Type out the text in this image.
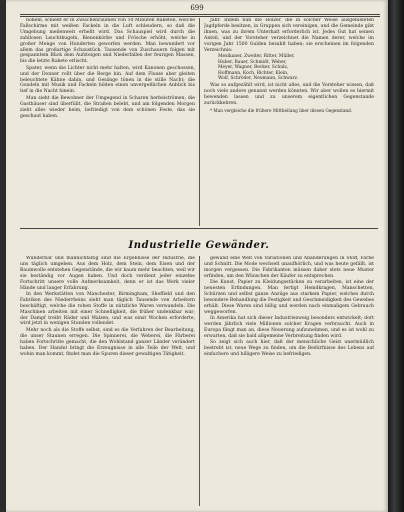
699

hohem, schießt er in Zwischenräumen von 10 Minuten Raketen, welche Fallschirme mit weißen Fackeln in die Luft schleudern, so daß die Umgebung meilenweit erhellt wird. Das Schauspiel wird durch die zahllosen Leuchtkugeln, Bienenkörbe und Frösche erhöht, welche in großer Menge von Hunderten geworfen werden. Man bewundert vor allem das großartige Schaustück. Tausende von Zuschauern folgen mit gespanntem Blick dem Aufsteigen und Niederfallen der feurigen Massen, bis die letzte Rakete erlischt.

Spater, wenn die Lichter nicht mehr halten, wird Kanonen geschossen, und der Donner rollt über die Berge hin. Auf dem Flusse aber gleiten beleuchtete Kähne dahin, und Gesänge tönen in die stille Nacht; die Gondeln mit Musik und Fackeln bilden einen unvergeßlichen Anblick bis tief in die Nacht hinein.

Man sieht die Bewohner der Umgegend in Scharen herbeiströmen; die Gasthäuser sind überfüllt, die Straßen belebt, und am folgenden Morgen zieht alles wieder heim, befriedigt von dem schönen Feste, das sie geschaut haben.

Jahr. Indem nun die Holzer, die in solcher Weise ausgebildeten Jagdpferde besitzen, in Gruppen sich vereinigen, und die Gemeinde gibt ihnen, was zu ihrem Unterhalt erforderlich ist. Jedes Gut hat seinen Anteil, und der Vorsteher verzeichnet die Namen derer, welche im vorigen Jahr 1500 Gulden bezahlt haben; sie erscheinen im folgenden Verzeichnis:

Mexikaner, Zweiter, Ritter, Müller,
Huber, Bauer, Schmidt, Weber,
Meyer, Wagner, Becker, Schulz,
Hoffmann, Koch, Richter, Klein,
Wolf, Schröder, Neumann, Schwarz.

Was so aufgezählt wird, ist nicht alles, und die Vorsteher wissen, daß noch viele andere genannt werden könnten. Wir aber wollen es hiermit bewenden lassen und zu unserem eigentlichen Gegenstande zurückkehren.

* Man vergleiche die frühere Mittheilung über diesen Gegenstand.

Industrielle Gewänder.

Wunderbar und mannichfaltig sind die Ergebnisse der Industrie, die uns täglich umgeben. Aus dem Holz, dem Stein, dem Eisen und der Baumwolle entstehen Gegenstände, die wir kaum mehr beachten, weil wir sie beständig vor Augen haben. Und doch verdient jeder einzelne Fortschritt unsere volle Aufmerksamkeit, denn er ist das Werk vieler Hände und langer Erfahrung.

In den Werkstätten von Manchester, Birmingham, Sheffield und den Fabriken des Niederrheins sieht man täglich Tausende von Arbeitern beschäftigt, welche die rohen Stoffe in nützliche Waren verwandeln. Die Maschinen arbeiten mit einer Schnelligkeit, die früher undenkbar war; der Dampf treibt Räder und Walzen, und was einst Wochen erforderte, wird jetzt in wenigen Stunden vollendet.

Mehr noch als die Stoffe selbst, sind es die Verfahren der Bearbeitung, die unser Staunen erregen. Die Spinnerei, die Weberei, die Färberei haben Fortschritte gemacht, die den Wohlstand ganzer Länder verändert haben. Der Handel bringt die Erzeugnisse in alle Teile der Welt, und wohin man kommt, findet man die Spuren dieser gewaltigen Tätigkeit.

gewand eine Welt von Variationen und Abänderungen in Stoff, Farbe und Schnitt. Die Mode wechselt unaufhörlich, und was heute gefällt, ist morgen vergessen. Die Fabrikanten müssen daher stets neue Muster erfinden, um den Wünschen der Käufer zu entsprechen.

Die Kunst, Papier zu Kleidungsstücken zu verarbeiten, ist eine der neuesten Erfindungen. Man fertigt Hemdkragen, Manschetten, Schürzen und selbst ganze Anzüge aus starkem Papier, welches durch besondere Behandlung die Festigkeit und Geschmeidigkeit des Gewebes erhält. Diese Waren sind billig und werden nach einmaligem Gebrauch weggeworfen.

In Amerika hat sich dieser Industriezweig besonders entwickelt; dort werden jährlich viele Millionen solcher Kragen verbraucht. Auch in Europa fängt man an, diese Neuerung aufzunehmen, und es ist wohl zu erwarten, daß sie bald allgemeine Verbreitung finden wird.

So zeigt sich auch hier, daß der menschliche Geist unermüdlich bestrebt ist, neue Wege zu finden, um die Bedürfnisse des Lebens auf einfachere und billigere Weise zu befriedigen.
